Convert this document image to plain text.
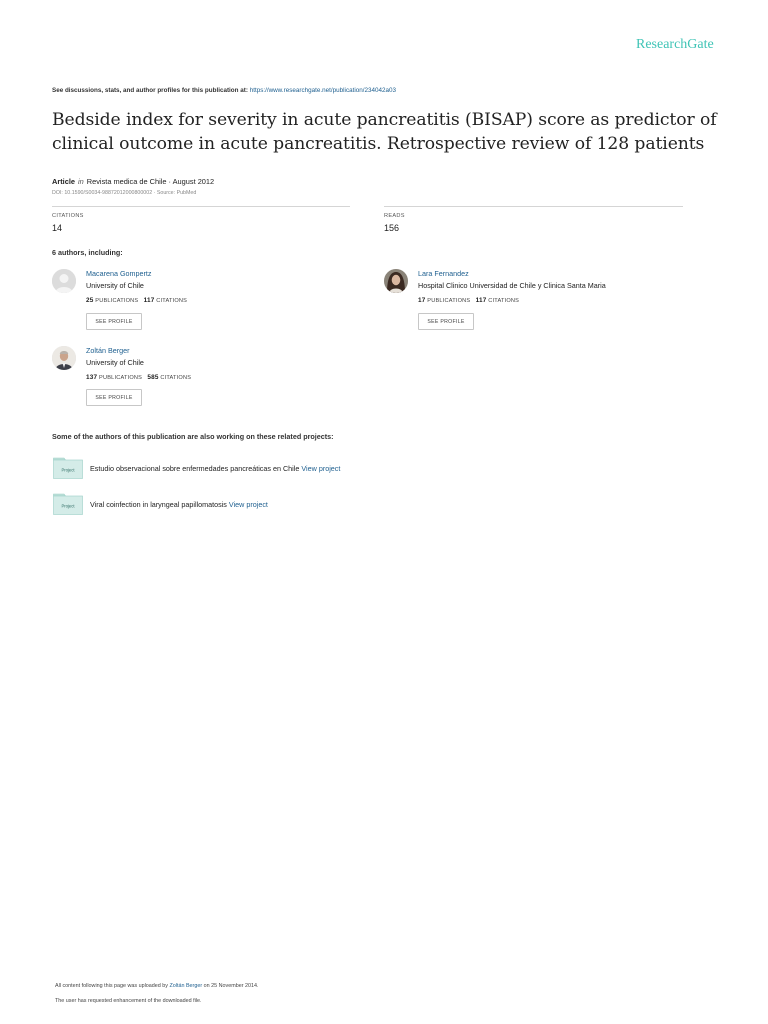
ResearchGate
See discussions, stats, and author profiles for this publication at: https://www.researchgate.net/publication/234042a03
Bedside index for severity in acute pancreatitis (BISAP) score as predictor of clinical outcome in acute pancreatitis. Retrospective review of 128 patients
Article in Revista medica de Chile · August 2012
DOI: 10.1590/S0034-98872012000800002 · Source: PubMed
CITATIONS
14
READS
156
6 authors, including:
Macarena Gompertz
University of Chile
25 PUBLICATIONS 117 CITATIONS
SEE PROFILE
Lara Fernandez
Hospital Clinico Universidad de Chile y Clinica Santa Maria
17 PUBLICATIONS 117 CITATIONS
SEE PROFILE
Zoltán Berger
University of Chile
137 PUBLICATIONS 585 CITATIONS
SEE PROFILE
Some of the authors of this publication are also working on these related projects:
Project Estudio observacional sobre enfermedades pancreáticas en Chile View project
Project Viral coinfection in laryngeal papillomatosis View project
All content following this page was uploaded by Zoltán Berger on 25 November 2014.
The user has requested enhancement of the downloaded file.
